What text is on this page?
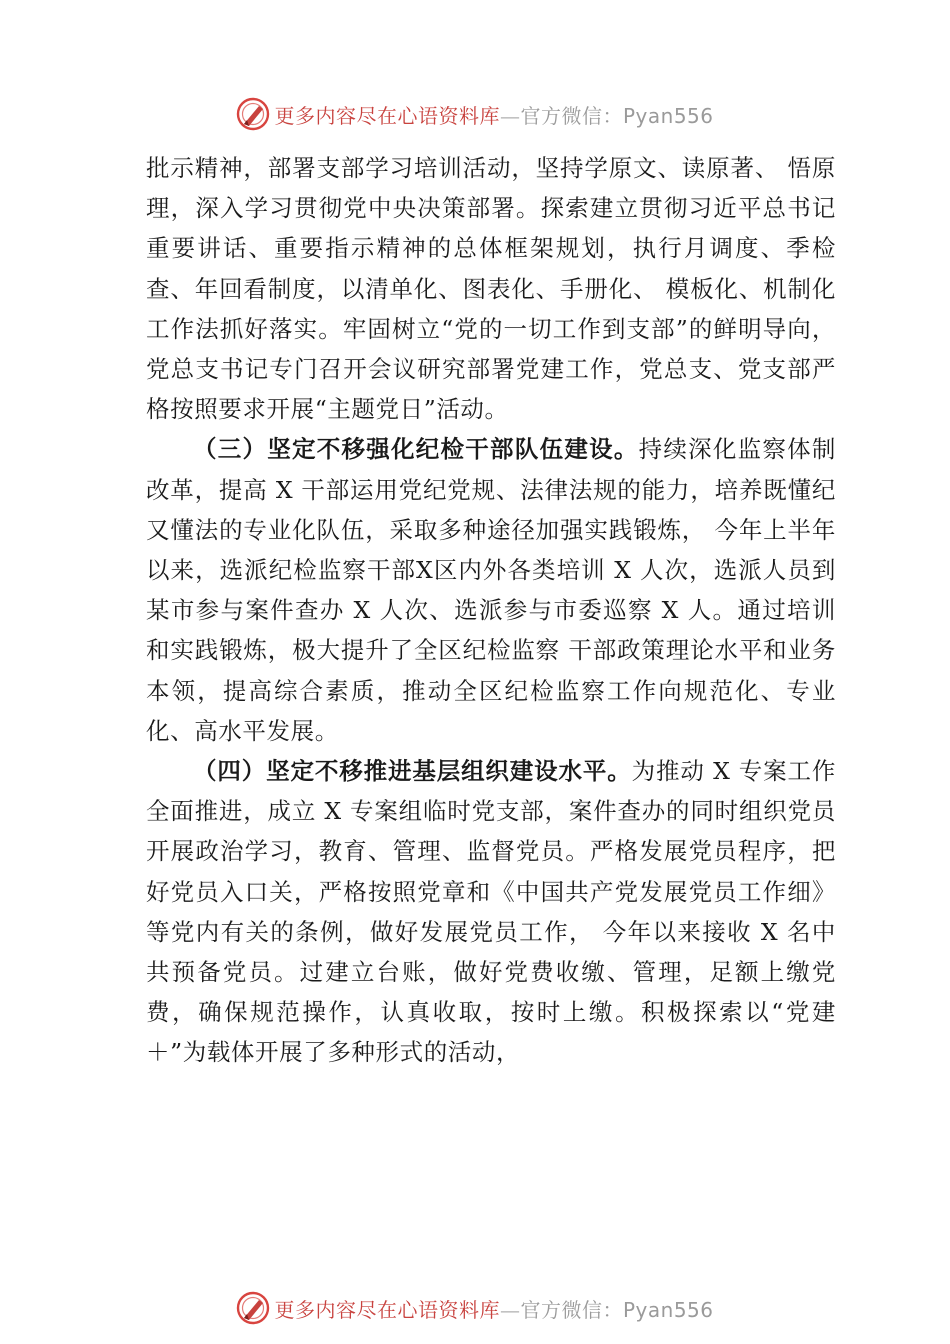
更多内容尽在心语资料库—官方微信：Pyan556

批示精神，部署支部学习培训活动，坚持学原文、读原著、 悟原理，深入学习贯彻党中央决策部署。探索建立贯彻习近平总书记重要讲话、重要指示精神的总体框架规划，执行月调度、季检查、年回看制度，以清单化、图表化、手册化、 模板化、机制化工作法抓好落实。牢固树立“党的一切工作到支部”的鲜明导向，党总支书记专门召开会议研究部署党建工作，党总支、党支部严格按照要求开展“主题党日”活动。

（三）坚定不移强化纪检干部队伍建设。持续深化监察体制改革，提高 X 干部运用党纪党规、法律法规的能力，培养既懂纪又懂法的专业化队伍，采取多种途径加强实践锻炼， 今年上半年以来，选派纪检监察干部X区内外各类培训 X 人次，选派人员到 某市参与案件查办 X 人次、选派参与市委巡察 X 人。通过培训和实践锻炼，极大提升了全区纪检监察 干部政策理论水平和业务本领，提高综合素质，推动全区纪检监察工作向规范化、专业化、高水平发展。

（四）坚定不移推进基层组织建设水平。为推动 X 专案工作全面推进，成立 X 专案组临时党支部，案件查办的同时组织党员开展政治学习，教育、管理、监督党员。严格发展党员程序，把好党员入口关，严格按照党章和《中国共产党发展党员工作细》等党内有关的条例，做好发展党员工作， 今年以来接收 X 名中共预备党员。过建立台账，做好党费收缴、管理，足额上缴党费，确保规范操作，认真收取，按时上缴。积极探索以“党建＋”为载体开展了多种形式的活动，

更多内容尽在心语资料库—官方微信：Pyan556
